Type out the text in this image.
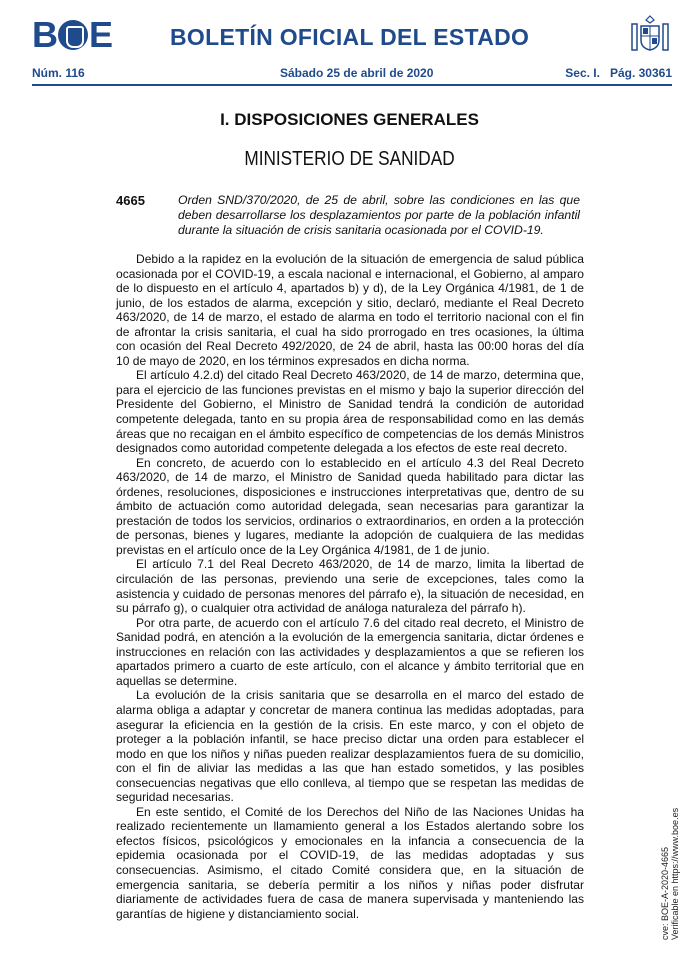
B E	BOLETÍN OFICIAL DEL ESTADO
Núm. 116	Sábado 25 de abril de 2020	Sec. I.   Pág. 30361
I. DISPOSICIONES GENERALES
MINISTERIO DE SANIDAD
4665	Orden SND/370/2020, de 25 de abril, sobre las condiciones en las que deben desarrollarse los desplazamientos por parte de la población infantil durante la situación de crisis sanitaria ocasionada por el COVID-19.

Debido a la rapidez en la evolución de la situación de emergencia de salud pública ocasionada por el COVID-19, a escala nacional e internacional, el Gobierno, al amparo de lo dispuesto en el artículo 4, apartados b) y d), de la Ley Orgánica 4/1981, de 1 de junio, de los estados de alarma, excepción y sitio, declaró, mediante el Real Decreto 463/2020, de 14 de marzo, el estado de alarma en todo el territorio nacional con el fin de afrontar la crisis sanitaria, el cual ha sido prorrogado en tres ocasiones, la última con ocasión del Real Decreto 492/2020, de 24 de abril, hasta las 00:00 horas del día 10 de mayo de 2020, en los términos expresados en dicha norma.

El artículo 4.2.d) del citado Real Decreto 463/2020, de 14 de marzo, determina que, para el ejercicio de las funciones previstas en el mismo y bajo la superior dirección del Presidente del Gobierno, el Ministro de Sanidad tendrá la condición de autoridad competente delegada, tanto en su propia área de responsabilidad como en las demás áreas que no recaigan en el ámbito específico de competencias de los demás Ministros designados como autoridad competente delegada a los efectos de este real decreto.

En concreto, de acuerdo con lo establecido en el artículo 4.3 del Real Decreto 463/2020, de 14 de marzo, el Ministro de Sanidad queda habilitado para dictar las órdenes, resoluciones, disposiciones e instrucciones interpretativas que, dentro de su ámbito de actuación como autoridad delegada, sean necesarias para garantizar la prestación de todos los servicios, ordinarios o extraordinarios, en orden a la protección de personas, bienes y lugares, mediante la adopción de cualquiera de las medidas previstas en el artículo once de la Ley Orgánica 4/1981, de 1 de junio.

El artículo 7.1 del Real Decreto 463/2020, de 14 de marzo, limita la libertad de circulación de las personas, previendo una serie de excepciones, tales como la asistencia y cuidado de personas menores del párrafo e), la situación de necesidad, en su párrafo g), o cualquier otra actividad de análoga naturaleza del párrafo h).

Por otra parte, de acuerdo con el artículo 7.6 del citado real decreto, el Ministro de Sanidad podrá, en atención a la evolución de la emergencia sanitaria, dictar órdenes e instrucciones en relación con las actividades y desplazamientos a que se refieren los apartados primero a cuarto de este artículo, con el alcance y ámbito territorial que en aquellas se determine.

La evolución de la crisis sanitaria que se desarrolla en el marco del estado de alarma obliga a adaptar y concretar de manera continua las medidas adoptadas, para asegurar la eficiencia en la gestión de la crisis. En este marco, y con el objeto de proteger a la población infantil, se hace preciso dictar una orden para establecer el modo en que los niños y niñas pueden realizar desplazamientos fuera de su domicilio, con el fin de aliviar las medidas a las que han estado sometidos, y las posibles consecuencias negativas que ello conlleva, al tiempo que se respetan las medidas de seguridad necesarias.

En este sentido, el Comité de los Derechos del Niño de las Naciones Unidas ha realizado recientemente un llamamiento general a los Estados alertando sobre los efectos físicos, psicológicos y emocionales en la infancia a consecuencia de la epidemia ocasionada por el COVID-19, de las medidas adoptadas y sus consecuencias. Asimismo, el citado Comité considera que, en la situación de emergencia sanitaria, se debería permitir a los niños y niñas poder disfrutar diariamente de actividades fuera de casa de manera supervisada y manteniendo las garantías de higiene y distanciamiento social.	cve: BOE-A-2020-4665 Verificable en https://www.boe.es
